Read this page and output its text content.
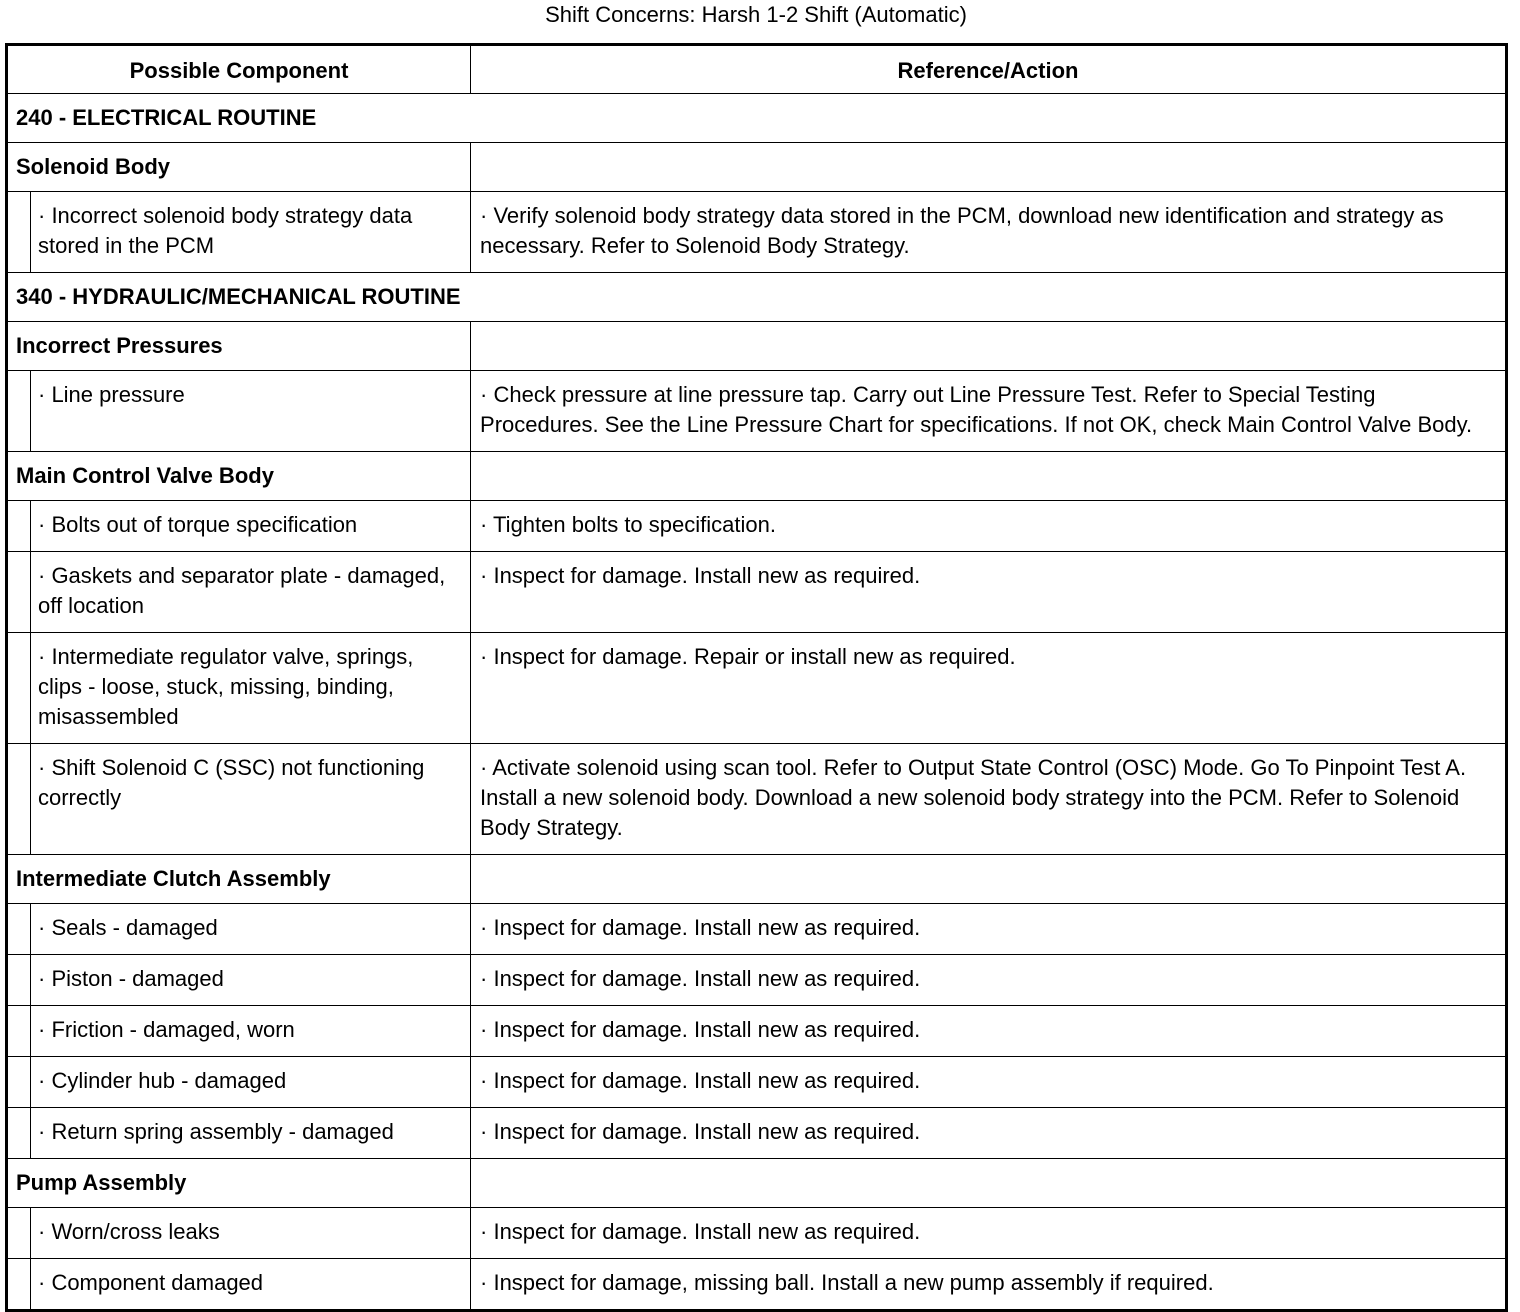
Shift Concerns: Harsh 1-2 Shift (Automatic)
Possible Component		Reference/Action
240 - ELECTRICAL ROUTINE		
Solenoid Body		
	· Incorrect solenoid body strategy data stored in the PCM	· Verify solenoid body strategy data stored in the PCM, download new identification and strategy as necessary. Refer to Solenoid Body Strategy.
340 - HYDRAULIC/MECHANICAL ROUTINE		
Incorrect Pressures		
	· Line pressure	· Check pressure at line pressure tap. Carry out Line Pressure Test. Refer to Special Testing Procedures. See the Line Pressure Chart for specifications. If not OK, check Main Control Valve Body.
Main Control Valve Body		
	· Bolts out of torque specification	· Tighten bolts to specification.
	· Gaskets and separator plate - damaged, off location	· Inspect for damage. Install new as required.
	· Intermediate regulator valve, springs, clips - loose, stuck, missing, binding, misassembled	· Inspect for damage. Repair or install new as required.
	· Shift Solenoid C (SSC) not functioning correctly	· Activate solenoid using scan tool. Refer to Output State Control (OSC) Mode. Go To Pinpoint Test A. Install a new solenoid body. Download a new solenoid body strategy into the PCM. Refer to Solenoid Body Strategy.
Intermediate Clutch Assembly		
	· Seals - damaged	· Inspect for damage. Install new as required.
	· Piston - damaged	· Inspect for damage. Install new as required.
	· Friction - damaged, worn	· Inspect for damage. Install new as required.
	· Cylinder hub - damaged	· Inspect for damage. Install new as required.
	· Return spring assembly - damaged	· Inspect for damage. Install new as required.
Pump Assembly		
	· Worn/cross leaks	· Inspect for damage. Install new as required.
	· Component damaged	· Inspect for damage, missing ball. Install a new pump assembly if required.
